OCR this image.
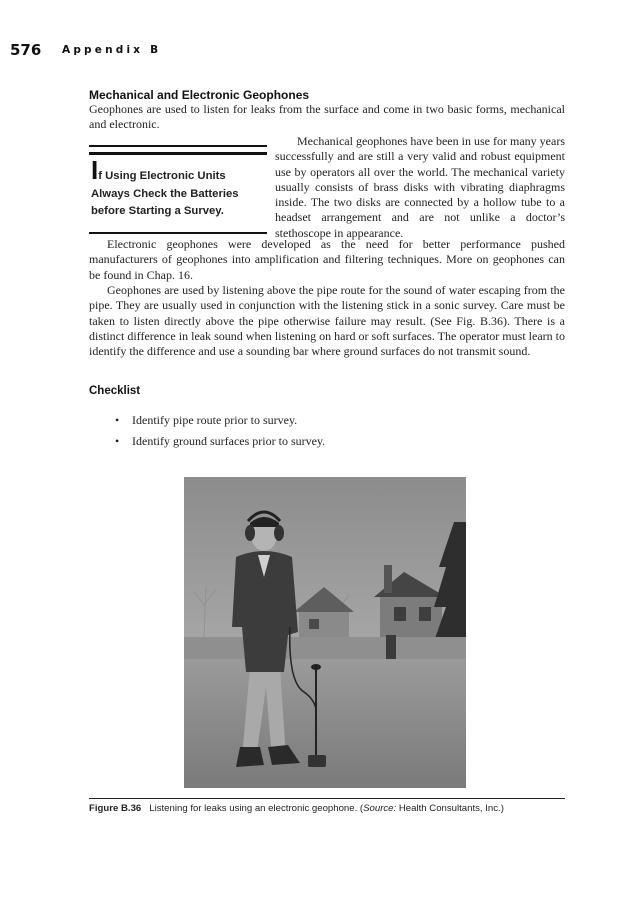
576 Appendix B
Mechanical and Electronic Geophones
Geophones are used to listen for leaks from the surface and come in two basic forms, mechanical and electronic.
If Using Electronic Units Always Check the Batteries before Starting a Survey.
Mechanical geophones have been in use for many years successfully and are still a very valid and robust equipment use by operators all over the world. The mechanical variety usually consists of brass disks with vibrating diaphragms inside. The two disks are connected by a hollow tube to a headset arrangement and are not unlike a doctor’s stethoscope in appearance.
Electronic geophones were developed as the need for better performance pushed manufacturers of geophones into amplification and filtering techniques. More on geophones can be found in Chap. 16.
Geophones are used by listening above the pipe route for the sound of water escaping from the pipe. They are usually used in conjunction with the listening stick in a sonic survey. Care must be taken to listen directly above the pipe otherwise failure may result. (See Fig. B.36). There is a distinct difference in leak sound when listening on hard or soft surfaces. The operator must learn to identify the difference and use a sounding bar where ground surfaces do not transmit sound.
Checklist
• Identify pipe route prior to survey.
• Identify ground surfaces prior to survey.
Figure B.36 Listening for leaks using an electronic geophone. (Source: Health Consultants, Inc.)
